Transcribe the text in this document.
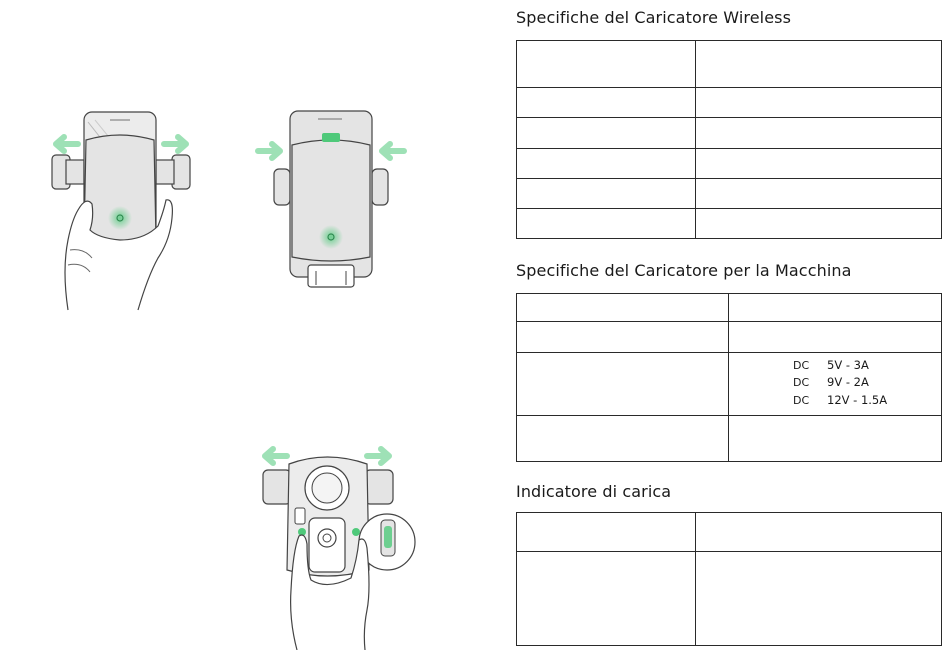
Specifiche del Caricatore Wireless

Specifiche del Caricatore per la Macchina

DC	5V - 3A
DC	9V - 2A
DC	12V - 1.5A
Indicatore di carica
